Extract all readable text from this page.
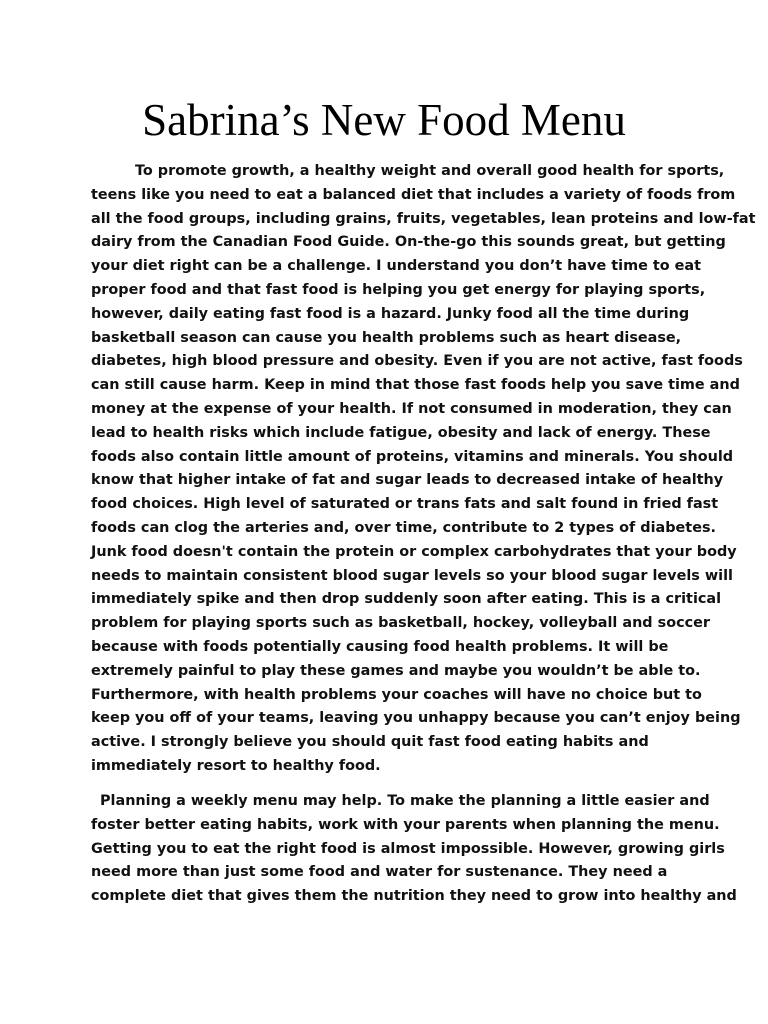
Sabrina’s New Food Menu
To promote growth, a healthy weight and overall good health for sports,
teens like you need to eat a balanced diet that includes a variety of foods from
all the food groups, including grains, fruits, vegetables, lean proteins and low-fat
dairy from the Canadian Food Guide. On-the-go this sounds great, but getting
your diet right can be a challenge. I understand you don’t have time to eat
proper food and that fast food is helping you get energy for playing sports,
however, daily eating fast food is a hazard. Junky food all the time during
basketball season can cause you health problems such as heart disease,
diabetes, high blood pressure and obesity. Even if you are not active, fast foods
can still cause harm. Keep in mind that those fast foods help you save time and
money at the expense of your health. If not consumed in moderation, they can
lead to health risks which include fatigue, obesity and lack of energy. These
foods also contain little amount of proteins, vitamins and minerals. You should
know that higher intake of fat and sugar leads to decreased intake of healthy
food choices. High level of saturated or trans fats and salt found in fried fast
foods can clog the arteries and, over time, contribute to 2 types of diabetes.
Junk food doesn't contain the protein or complex carbohydrates that your body
needs to maintain consistent blood sugar levels so your blood sugar levels will
immediately spike and then drop suddenly soon after eating. This is a critical
problem for playing sports such as basketball, hockey, volleyball and soccer
because with foods potentially causing food health problems. It will be
extremely painful to play these games and maybe you wouldn’t be able to.
Furthermore, with health problems your coaches will have no choice but to
keep you off of your teams, leaving you unhappy because you can’t enjoy being
active. I strongly believe you should quit fast food eating habits and
immediately resort to healthy food.
Planning a weekly menu may help. To make the planning a little easier and
foster better eating habits, work with your parents when planning the menu.
Getting you to eat the right food is almost impossible. However, growing girls
need more than just some food and water for sustenance. They need a
complete diet that gives them the nutrition they need to grow into healthy and
